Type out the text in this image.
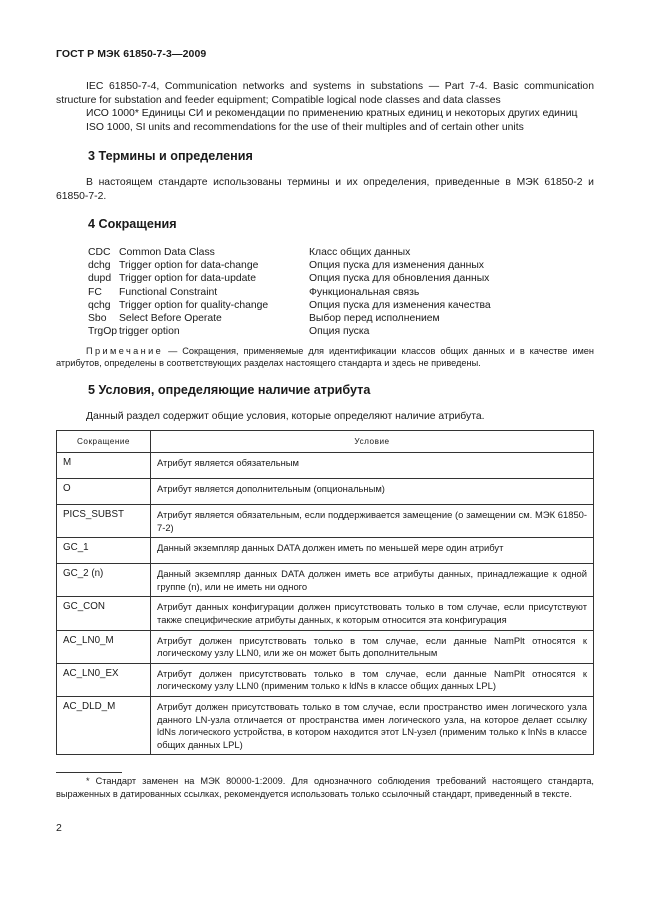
ГОСТ Р МЭК 61850-7-3—2009

IEC 61850-7-4, Communication networks and systems in substations — Part 7-4. Basic communication structure for substation and feeder equipment; Compatible logical node classes and data classes

ИСО 1000* Единицы СИ и рекомендации по применению кратных единиц и некоторых других единиц

ISO 1000, SI units and recommendations for the use of their multiples and of certain other units

3 Термины и определения

В настоящем стандарте использованы термины и их определения, приведенные в МЭК 61850-2 и 61850-7-2.

4 Сокращения
CDC Common Data Class	Класс общих данных
dchg Trigger option for data-change	Опция пуска для изменения данных
dupd Trigger option for data-update	Опция пуска для обновления данных
FC	Functional Constraint	Функциональная связь
qchg Trigger option for quality-change	Опция пуска для изменения качества
Sbo	Select Before Operate	Выбор перед исполнением
TrgOp trigger option	Опция пуска

Примечание — Сокращения, применяемые для идентификации классов общих данных и в качестве имен атрибутов, определены в соответствующих разделах настоящего стандарта и здесь не приведены.

5 Условия, определяющие наличие атрибута

Данный раздел содержит общие условия, которые определяют наличие атрибута.

Сокращение	Условие
M	Атрибут является обязательным
O	Атрибут является дополнительным (опциональным)
PICS_SUBST	Атрибут является обязательным, если поддерживается замещение (о замещении см. МЭК 61850-7-2)
GC_1	Данный экземпляр данных DATA должен иметь по меньшей мере один атрибут
GC_2 (n)	Данный экземпляр данных DATA должен иметь все атрибуты данных, принадлежащие к одной группе (n), или не иметь ни одного
GC_CON	Атрибут данных конфигурации должен присутствовать только в том случае, если присутствуют также специфические атрибуты данных, к которым относится эта конфигурация
AC_LN0_M	Атрибут должен присутствовать только в том случае, если данные NamPlt относятся к логическому узлу LLN0, или же он может быть дополнительным
AC_LN0_EX	Атрибут должен присутствовать только в том случае, если данные NamPlt относятся к логическому узлу LLN0 (применим только к ldNs в классе общих данных LPL)
AC_DLD_M	Атрибут должен присутствовать только в том случае, если пространство имен логического узла данного LN-узла отличается от пространства имен логического узла, на которое делает ссылку ldNs логического устройства, в котором находится этот LN-узел (применим только к lnNs в классе общих данных LPL)

* Стандарт заменен на МЭК 80000-1:2009. Для однозначного соблюдения требований настоящего стандарта, выраженных в датированных ссылках, рекомендуется использовать только ссылочный стандарт, приведенный в тексте.

2
